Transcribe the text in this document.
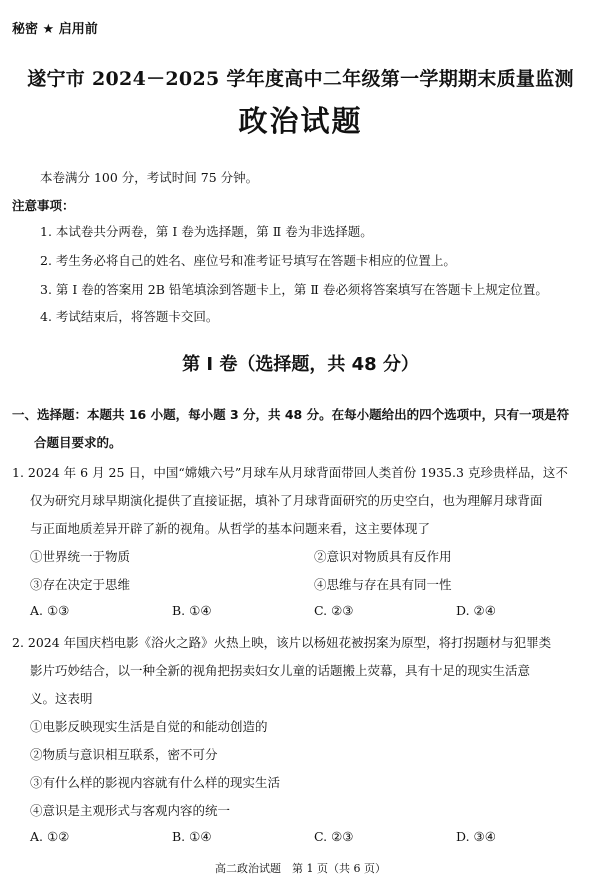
秘密 ★ 启用前
遂宁市 2024－2025 学年度高中二年级第一学期期末质量监测
政治试题
本卷满分 100 分，考试时间 75 分钟。
注意事项：
1. 本试卷共分两卷，第 Ⅰ 卷为选择题，第 Ⅱ 卷为非选择题。
2. 考生务必将自己的姓名、座位号和准考证号填写在答题卡相应的位置上。
3. 第 Ⅰ 卷的答案用 2B 铅笔填涂到答题卡上，第 Ⅱ 卷必须将答案填写在答题卡上规定位置。
4. 考试结束后，将答题卡交回。
第 Ⅰ 卷（选择题，共 48 分）
一、选择题：本题共 16 小题，每小题 3 分，共 48 分。在每小题给出的四个选项中，只有一项是符
合题目要求的。
1. 2024 年 6 月 25 日，中国“嫦娥六号”月球车从月球背面带回人类首份 1935.3 克珍贵样品，这不
仅为研究月球早期演化提供了直接证据，填补了月球背面研究的历史空白，也为理解月球背面
与正面地质差异开辟了新的视角。从哲学的基本问题来看，这主要体现了
①世界统一于物质	②意识对物质具有反作用
③存在决定于思维	④思维与存在具有同一性
A. ①③	B. ①④	C. ②③	D. ②④
2. 2024 年国庆档电影《浴火之路》火热上映，该片以杨妞花被拐案为原型，将打拐题材与犯罪类
影片巧妙结合，以一种全新的视角把拐卖妇女儿童的话题搬上荧幕，具有十足的现实生活意
义。这表明
①电影反映现实生活是自觉的和能动创造的
②物质与意识相互联系，密不可分
③有什么样的影视内容就有什么样的现实生活
④意识是主观形式与客观内容的统一
A. ①②	B. ①④	C. ②③	D. ③④
高二政治试题　第 1 页（共 6 页）
